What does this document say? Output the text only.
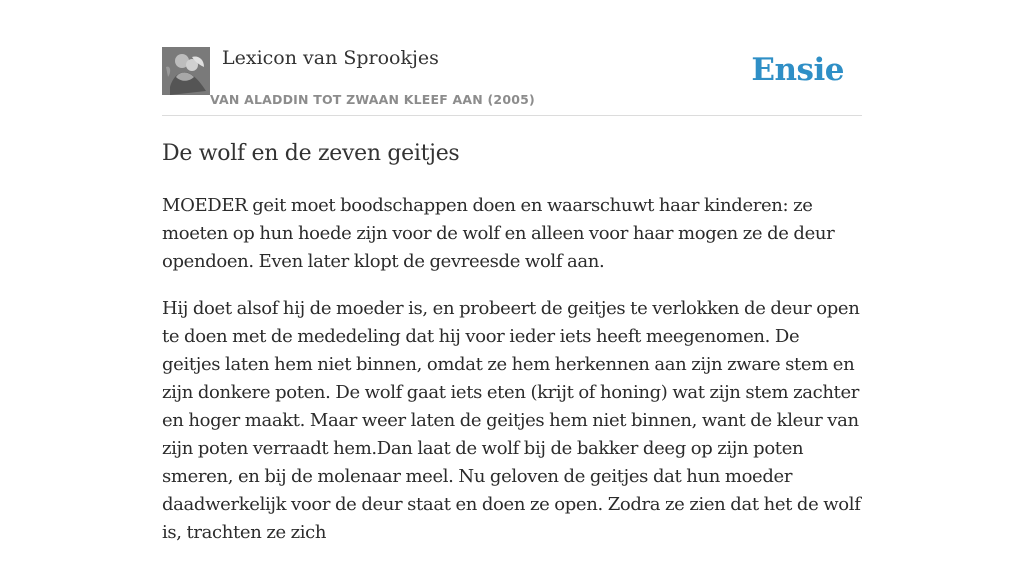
Lexicon van Sprookjes
VAN ALADDIN TOT ZWAAN KLEEF AAN (2005)
Ensie
De wolf en de zeven geitjes

MOEDER geit moet boodschappen doen en waarschuwt haar kinderen: ze moeten op hun hoede zijn voor de wolf en alleen voor haar mogen ze de deur opendoen. Even later klopt de gevreesde wolf aan.

Hij doet alsof hij de moeder is, en probeert de geitjes te verlokken de deur open te doen met de mededeling dat hij voor ieder iets heeft meegenomen. De geitjes laten hem niet binnen, omdat ze hem herkennen aan zijn zware stem en zijn donkere poten. De wolf gaat iets eten (krijt of honing) wat zijn stem zachter en hoger maakt. Maar weer laten de geitjes hem niet binnen, want de kleur van zijn poten verraadt hem.Dan laat de wolf bij de bakker deeg op zijn poten smeren, en bij de molenaar meel. Nu geloven de geitjes dat hun moeder daadwerkelijk voor de deur staat en doen ze open. Zodra ze zien dat het de wolf is, trachten ze zich
